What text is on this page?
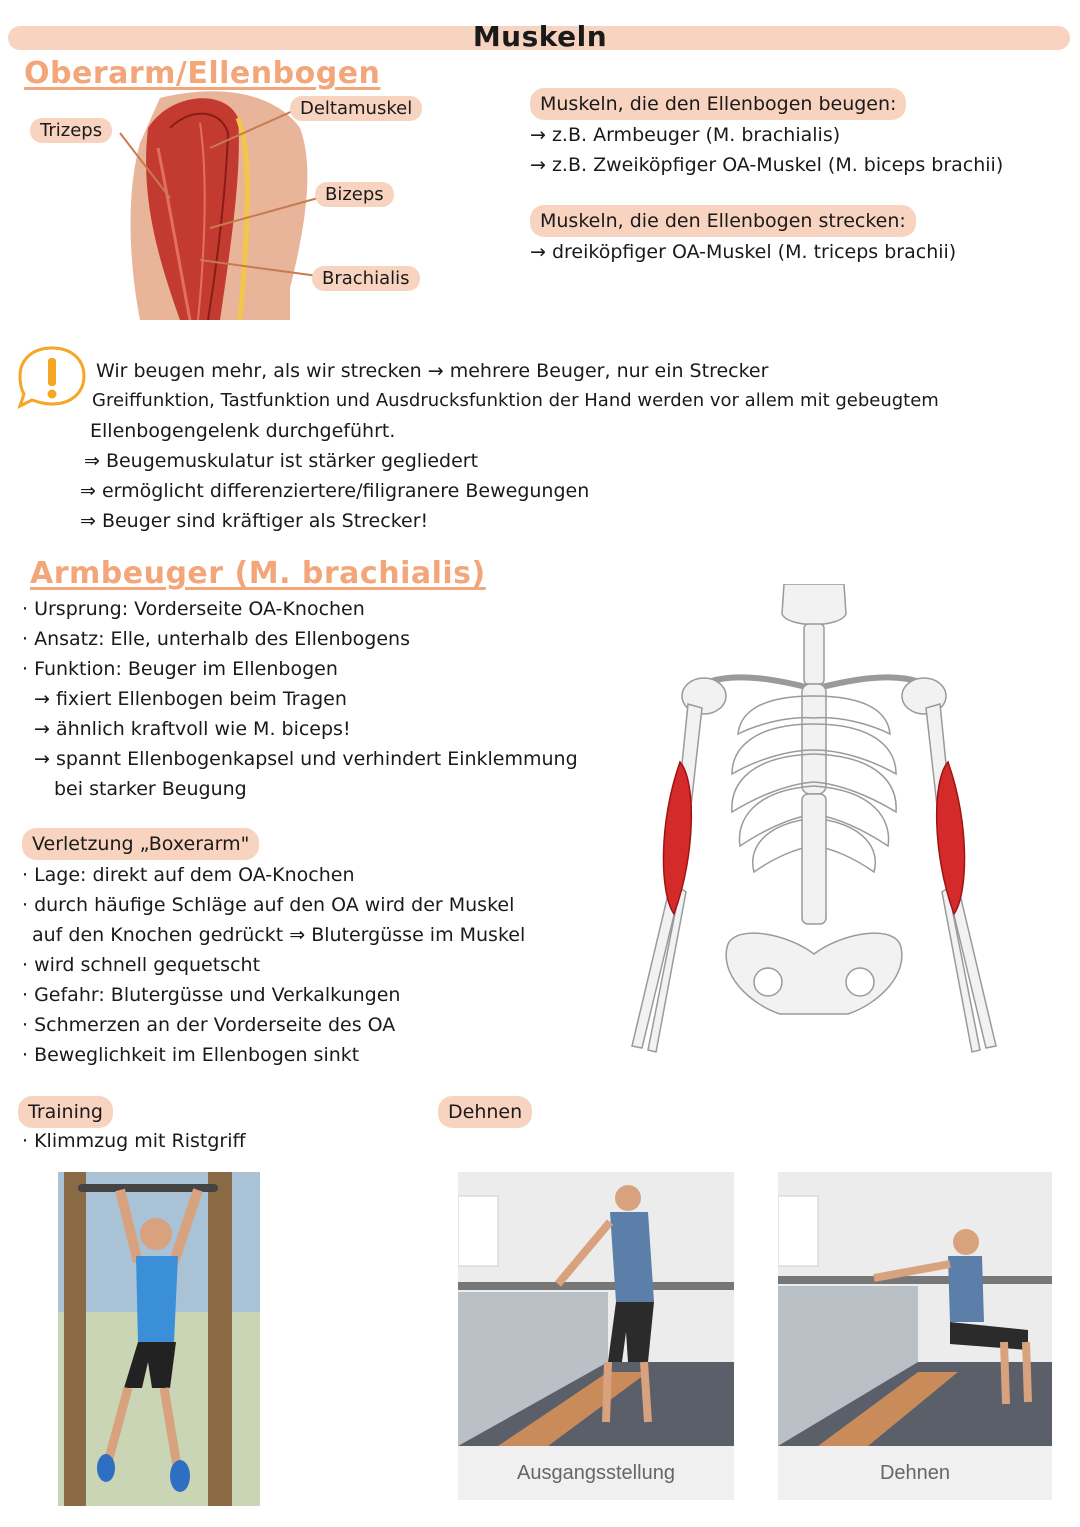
Muskeln
Oberarm/Ellenbogen
Trizeps
Deltamuskel
Bizeps
Brachialis
Muskeln, die den Ellenbogen beugen:
→ z.B. Armbeuger (M. brachialis)
→ z.B. Zweiköpfiger OA-Muskel (M. biceps brachii)
Muskeln, die den Ellenbogen strecken:
→ dreiköpfiger OA-Muskel (M. triceps brachii)
Wir beugen mehr, als wir strecken → mehrere Beuger, nur ein Strecker
Greiffunktion, Tastfunktion und Ausdrucksfunktion der Hand werden vor allem mit gebeugtem
Ellenbogengelenk durchgeführt.
⇒ Beugemuskulatur ist stärker gegliedert
⇒ ermöglicht differenziertere/filigranere Bewegungen
⇒ Beuger sind kräftiger als Strecker!
Armbeuger (M. brachialis)
· Ursprung: Vorderseite OA-Knochen
· Ansatz: Elle, unterhalb des Ellenbogens
· Funktion: Beuger im Ellenbogen
→ fixiert Ellenbogen beim Tragen
→ ähnlich kraftvoll wie M. biceps!
→ spannt Ellenbogenkapsel und verhindert Einklemmung
bei starker Beugung
Verletzung „Boxerarm"
· Lage: direkt auf dem OA-Knochen
· durch häufige Schläge auf den OA wird der Muskel
auf den Knochen gedrückt ⇒ Blutergüsse im Muskel
· wird schnell gequetscht
· Gefahr: Blutergüsse und Verkalkungen
· Schmerzen an der Vorderseite des OA
· Beweglichkeit im Ellenbogen sinkt
Training
· Klimmzug mit Ristgriff
Dehnen
Ausgangsstellung	Dehnen
